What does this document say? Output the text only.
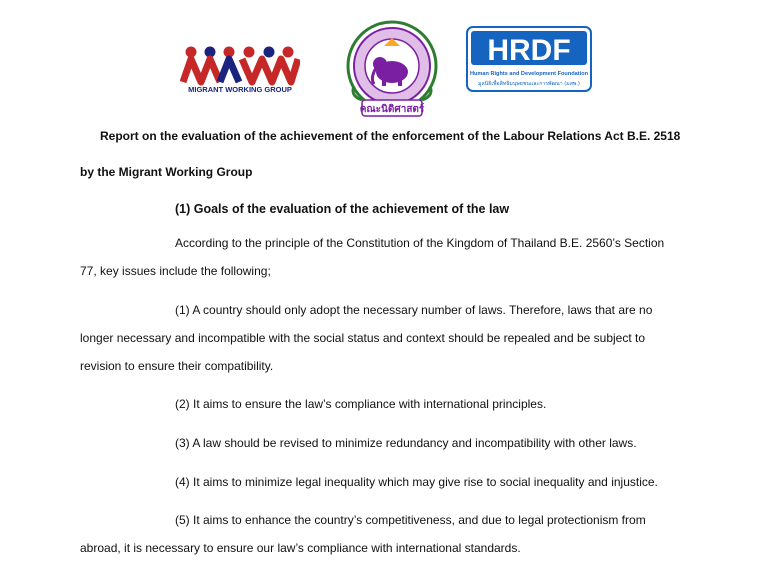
MIGRANT WORKING GROUP
คณะนิติศาสตร์
HRDF
Human Rights and Development Foundation
มูลนิธิเพื่อสิทธิมนุษยชนและการพัฒนา (มสพ.)
Report on the evaluation of the achievement of the enforcement of the Labour Relations Act B.E. 2518
by the Migrant Working Group
(1) Goals of the evaluation of the achievement of the law
According to the principle of the Constitution of the Kingdom of Thailand B.E. 2560’s Section
77, key issues include the following;
(1) A country should only adopt the necessary number of laws. Therefore, laws that are no
longer necessary and incompatible with the social status and context should be repealed and be subject to
revision to ensure their compatibility.
(2) It aims to ensure the law’s compliance with international principles.
(3) A law should be revised to minimize redundancy and incompatibility with other laws.
(4) It aims to minimize legal inequality which may give rise to social inequality and injustice.
(5) It aims to enhance the country’s competitiveness, and due to legal protectionism from
abroad, it is necessary to ensure our law’s compliance with international standards.
